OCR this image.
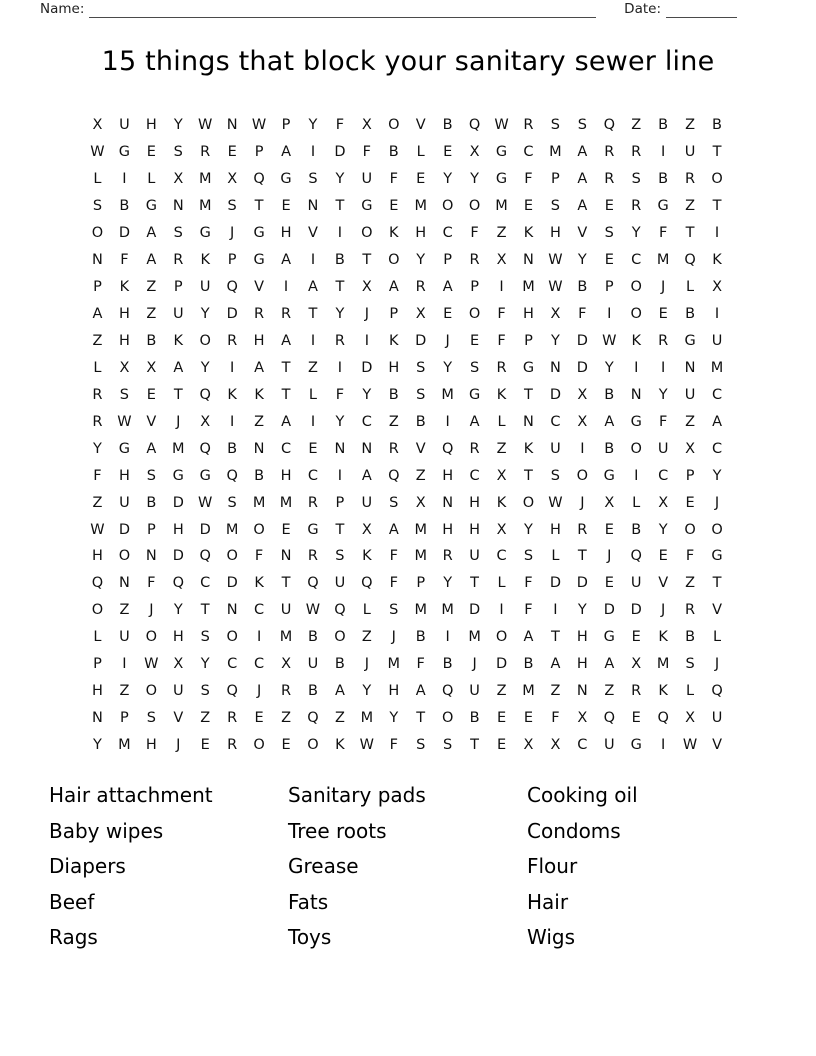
Name:	Date:
15 things that block your sanitary sewer line
X	U	H	Y	W N W	P	Y	F	X	O	V	B	Q W	R	S	S	Q	Z	B	Z	B
W G	E	S	R	E	P	A	I	D	F	B	L	E	X	G	C	M	A	R	R	I	U	T
L	I	L	X	M	X	Q	G	S	Y	U	F	E	Y	Y	G	F	P	A	R	S	B	R	O
S	B	G	N	M	S	T	E	N	T	G	E	M	O	O	M	E	S	A	E	R	G	Z	T
O	D	A	S	G	J	G	H	V	I	O	K	H	C	F	Z	K	H	V	S	Y	F	T	I
N	F	A	R	K	P	G	A	I	B	T	O	Y	P	R	X	N W	Y	E	C	M	Q	K
P	K	Z	P	U	Q	V	I	A	T	X	A	R	A	P	I	M W	B	P	O	J	L	X
A	H	Z	U	Y	D	R	R	T	Y	J	P	X	E	O	F	H	X	F	I	O	E	B	I
Z	H	B	K	O	R	H	A	I	R	I	K	D	J	E	F	P	Y	D W	K	R	G	U
L	X	X	A	Y	I	A	T	Z	I	D	H	S	Y	S	R	G	N	D	Y	I	I	N	M
R	S	E	T	Q	K	K	T	L	F	Y	B	S	M	G	K	T	D	X	B	N	Y	U	C
R	W	V	J	X	I	Z	A	I	Y	C	Z	B	I	A	L	N	C	X	A	G	F	Z	A
Y	G	A	M	Q	B	N	C	E	N	N	R	V	Q	R	Z	K	U	I	B	O	U	X	C
F	H	S	G	G	Q	B	H	C	I	A	Q	Z	H	C	X	T	S	O	G	I	C	P	Y
Z	U	B	D W	S	M M	R	P	U	S	X	N	H	K	O W	J	X	L	X	E	J
W D	P	H	D	M	O	E	G	T	X	A	M	H	H	X	Y	H	R	E	B	Y	O	O
H	O	N	D	Q	O	F	N	R	S	K	F	M	R	U	C	S	L	T	J	Q	E	F	G
Q	N	F	Q	C	D	K	T	Q	U	Q	F	P	Y	T	L	F	D	D	E	U	V	Z	T
O	Z	J	Y	T	N	C	U W Q	L	S	M M	D	I	F	I	Y	D	D	J	R	V
L	U	O	H	S	O	I	M	B	O	Z	J	B	I	M	O	A	T	H	G	E	K	B	L
P	I	W	X	Y	C	C	X	U	B	J	M	F	B	J	D	B	A	H	A	X	M	S	J
H	Z	O	U	S	Q	J	R	B	A	Y	H	A	Q	U	Z	M	Z	N	Z	R	K	L	Q
N	P	S	V	Z	R	E	Z	Q	Z	M	Y	T	O	B	E	E	F	X	Q	E	Q	X	U
Y	M	H	J	E	R	O	E	O	K	W	F	S	S	T	E	X	X	C	U	G	I	W	V
Hair attachment
Baby wipes
Diapers
Beef
Rags
Sanitary pads
Tree roots
Grease
Fats
Toys
Cooking oil
Condoms
Flour
Hair
Wigs
